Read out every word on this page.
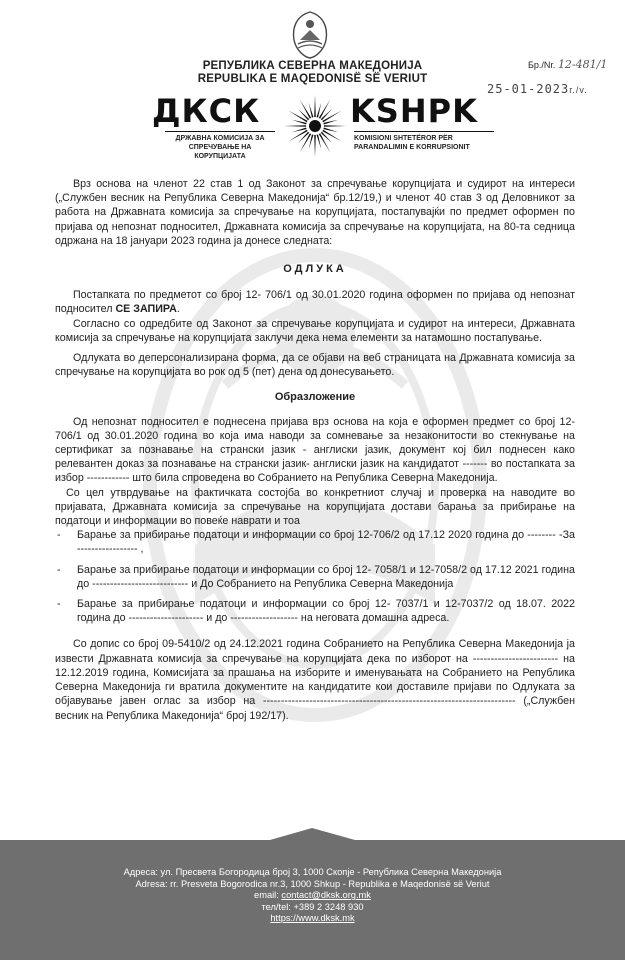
РЕПУБЛИКА СЕВЕРНА МАКЕДОНИЈА
REPUBLIKA E MAQEDONISË SË VERIUT
Бр./Nr. 12-481/1
25-01-2023г./v.
ДКСК	KSHPK
ДРЖАВНА КОМИСИЈА ЗА СПРЕЧУВАЊЕ НА КОРУПЦИЈАТА
KOMISIONI SHTETËROR PËR PARANDALIMIN E KORRUPSIONIT

Врз основа на членот 22 став 1 од Законот за спречување корупцијата и судирот на интереси („Службен весник на Република Северна Македонија“ бр.12/19,) и членот 40 став 3 од Деловникот за работа на Државната комисија за спречување на корупцијата, постапувајќи по предмет оформен по пријава од непознат подносител, Државната комисија за спречување на корупцијата, на 80-та седница одржана на 18 јануари 2023 година ја донесе следната:

ОДЛУКА

Постапката по предметот со број 12- 706/1 од 30.01.2020 година оформен по пријава од непознат подносител СЕ ЗАПИРА.

Согласно со одредбите од Законот за спречување корупцијата и судирот на интереси, Државната комисија за спречување на корупцијата заклучи дека нема елементи за натамошно постапување.

Одлуката во деперсонализирана форма, да се објави на веб страницата на Државната комисија за спречување на корупцијата во рок од 5 (пет) дена од донесувањето.

Образложение

Од непознат подносител е поднесена пријава врз основа на која е оформен предмет со број 12- 706/1 од 30.01.2020 година во која има наводи за сомневање за незаконитости во стекнување на сертификат за познавање на странски јазик - англиски јазик, документ кој бил поднесен како релевантен доказ за познавање на странски јазик- англиски јазик на кандидатот ------- во постапката за избор ------------ што била спроведена во Собранието на Република Северна Македонија.

Со цел утврдување на фактичката состојба во конкретниот случај и проверка на наводите во пријавата, Државната комисија за спречување на корупцијата достави барања за прибирање на податоци и информации во повеќе наврати и тоа

- Барање за прибирање податоци и информации со број 12-706/2 од 17.12 2020 година до -------- -За ----------------- ,
- Барање за прибирање податоци и информации со број 12- 7058/1 и 12-7058/2 од 17.12 2021 година до --------------------------- и До Собранието на Република Северна Македонија
- Барање за прибирање податоци и информации со број 12- 7037/1 и 12-7037/2 од 18.07. 2022 година до --------------------- и до ------------------- на неговата домашна адреса.

Со допис со број 09-5410/2 од 24.12.2021 година Собранието на Република Северна Македонија ја извести Државната комисија за спречување на корупцијата дека по изборот на ------------------------ на 12.12.2019 година, Комисијата за прашања на изборите и именувањата на Собранието на Република Северна Македонија ги вратила документите на кандидатите кои доставиле пријави по Одлуката за објавување јавен оглас за избор на ----------------------------------------------------------------------- („Службен весник на Република Македонија“ број 192/17).

Адреса: ул. Пресвета Богородица број 3, 1000 Скопје - Република Северна Македонија
Adresa: rr. Presveta Bogorodica nr.3, 1000 Shkup - Republika e Maqedonisë së Veriut
email: contact@dksk.org.mk
тел/tel: +389 2 3248 930
https://www.dksk.mk
